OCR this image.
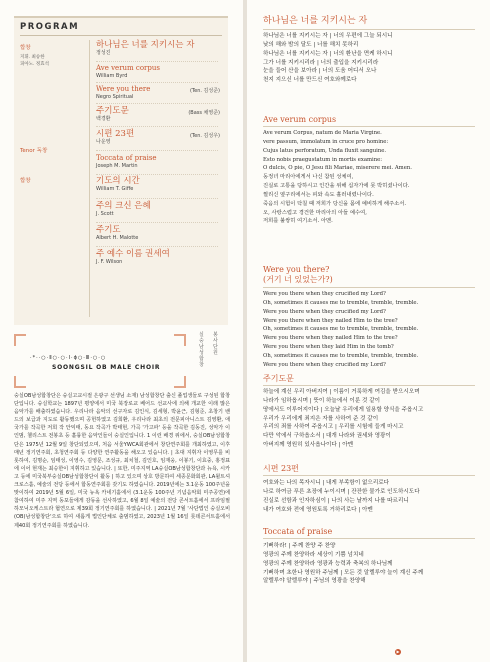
PROGRAM
합창
지휘. 최승한
피아노. 정효석
Tenor 독창
합창
하나님은 너를 지키시는 자
정성진
Ave verum corpus
William Byrd
Were you there
Negro Spiritual
(Ten. 김성준)
주기도문
백경환
(Bass 채영준)
시편 23편
나운영
(Ten. 김성우)
Toccata of praise
Joseph M. Martin
기도의 시간
William T. Giffe
주의 크신 은혜
J. Scott
주기도
Albert H. Malotte
주 예수 이름 권세여
J. F. Wilson
·*··○·Ⅱ○·○·Ⅰ·ϕ○·Ⅲ·○·○
SOONGSIL OB MALE CHOIR
실 숭 남 성 합 창
봉 사 단 원
숭실OB남성합창단은 숭실고교시절 은광구 선생님 소재) 남성합창단 출신 졸업생들로 구성된 합창단입니다. 숭실학교는 1897년 평양에서 미국 북장로교 베어드 선교사에 의해 개교한 이래 많은 음악가를 배출하였습니다. 우리나라 음악의 선구자로 김인식, 김세형, 박윤근, 김형준, 초창기 밴드의 보급과 지도로 활동했으며 공헌하였고 김희환, 우리나라 최초의 전문피아니스트 김영환, 애국가를 작곡한 저희 작 안익태, 동요 작곡가 박태현, 가곡 '가고파' 등을 작곡한 김동진, 성악가 이인범, 첼리스트 전봉초 등 훌륭한 음악인들이 숭실인입니다. 1 이런 배경 위에서, 숭실OB남성합창단은 1975년 12월 9일 창단되었으며, 처음 서울YWCA회관에서 창단연주회를 개최하였고, 이후 매년 정기연주회, 초청연주회 등 다양한 연주활동을 해오고 있습니다. | 초대 지휘자 이영무를 비롯하여, 김명순, 임태성, 이영수, 김영문, 조성규, 최치철, 김인호, 임재웅, 이봉기, 이효중, 홍정표에 이어 현재는 최승한이 지휘하고 있습니다. | 또한, 미주지역 LA숭실OB남성합창단과 뉴욕, 시카고 등에 미국북부숭실OB남성합창단이 활동 | 하고 있으며 상호 방문하여 세종문화회관, LA윌트셔크로스홀, 예술의 전당 등에서 합동연주회를 갖기도 하였습니다. 2019년에는 3.1운동 100주년을 맞이하여 2019년 5월 6일, 미국 뉴욕 카네기홀에서 (3.1운동 100주년 기념음악회 미주공연)에 참여하여 미주 지역 동포들에게 감동을 선사하였고, 6월 8일 예술의 전당 콘서트홀에서 프라임필하모닉오케스트라 협연으로 제39회 정기연주회를 하였습니다. | 2021년 7월 '사단법인 숭실오비(OB)남성합창단'으로 하여 새롭게 법인단체로 출범하였고, 2023년 1월 16일 롯데콘서트홀에서 제40회 정기연주회를 하였습니다.
하나님은 너를 지키시는 자
하나님은 너를 지키시는 자 | 너의 우편에 그늘 되시니
낮의 해와 밤의 달도 | 너를 해치 못하리
하나님은 너를 지키시는 자 | 너의 환난을 면케 하시니
그가 너를 지키시리라 | 너의 출입을 지키시리라
눈을 들어 산을 보아라 | 너의 도움 어디서 오나
천지 지으신 너를 만드신 여호와께로다
Ave verum corpus
Ave verum Corpus, natum de Maria Virgine.
vere passum, immolatum in cruce pro homine:
Cujus latus perforatum, Unda fluxit sanguine.
Esto nobis praegustatum in mortis examine:
O dulcis, O pie, O Jesu fili Mariae, miserere mei. Amen.
동정녀 마리아에게서 나신 참된 성체여,
진실로 고통을 당하시고 인간을 위해 십자가에 못 박히셨나이다.
찔리신 옆구리에서는 피와 속도 흘러내렸나이다.
죽음의 시험이 닥칠 때 저희가 당신을 몸에 예비하게 해주소서.
오, 사랑스럽고 경건한 마리아의 아들 예수여,
저희를 불쌍히 여기소서. 아멘.
Were you there?
(거기 너 있었는가?)
Were you there when they crucified my Lord?
Oh, sometimes it causes me to tremble, tremble, tremble.
Were you there when they crucified my Lord?
Were you there when they nailed Him to the tree?
Oh, sometimes it causes me to tremble, tremble, tremble.
Were you there when they nailed Him to the tree?
Were you there when they laid Him in the tomb?
Oh, sometimes it causes me to tremble, tremble, tremble.
Were you there when they crucified my Lord?
주기도문
하늘에 계신 우리 아버지여 | 이름이 거룩하게 여김을 받으시오며
나라가 임하옵시며 | 뜻이 하늘에서 이룬 것 같이
땅에서도 이루어지이다 | 오늘날 우리에게 일용할 양식을 주옵시고
우리가 우리에게 죄지은 자를 사하여 준 것 같이
우리의 죄를 사하여 주옵시고 | 우리를 시험에 들게 마시고
다만 악에서 구하옵소서 | 대개 나라와 권세와 영광이
아버지께 영원히 있사옵나이다 | 아멘
시편 23편
여호와는 나의 목자시니 | 내게 부족함이 없으리로다
나로 하여금 푸른 초장에 누이시며 | 잔잔한 물가로 인도하시도다
진실로 선함과 인자하심이 | 나의 사는 날까지 나를 따르리니
내가 여호와 전에 영원토록 거하리로다 | 아멘
Toccata of praise
기뻐하라! | 주께 찬양 주 찬양
영광의 주께 찬양하라 세상이 기쁨 넘치네
영광의 주께 찬양하라 영광과 능력과 축복의 하나님께
기뻐하며 초한나 영원하 주님께 | 모든 것 알렐루야 늘이 계신 주께
알렐루야 알렐루야 | 주님의 영광을 찬양해
▶
